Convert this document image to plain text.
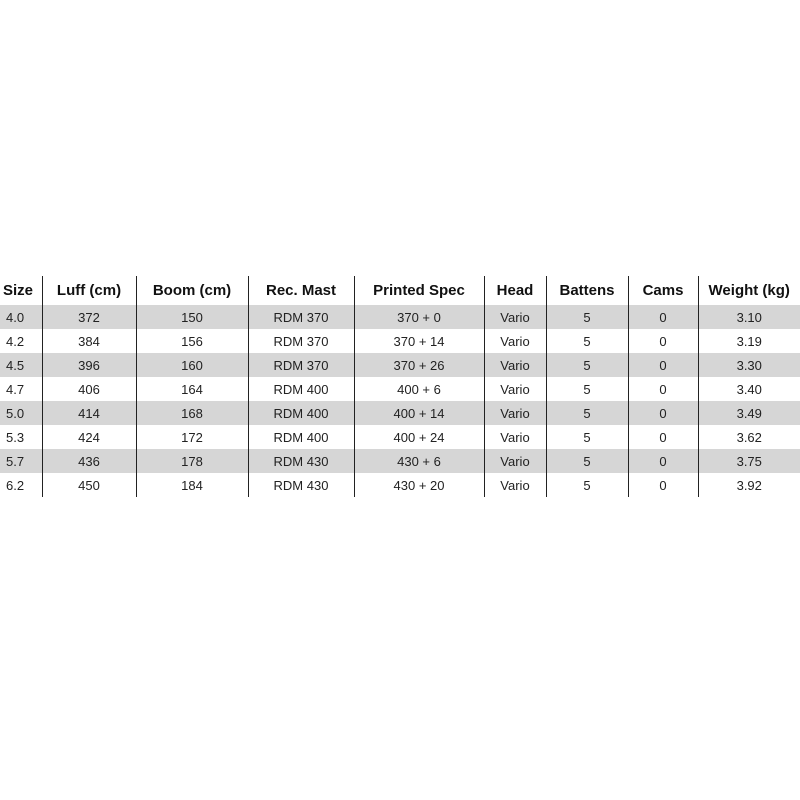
Size	Luff (cm)	Boom (cm)	Rec. Mast	Printed Spec	Head	Battens	Cams	Weight (kg)
4.0	372	150	RDM 370	370 + 0	Vario	5	0	3.10
4.2	384	156	RDM 370	370 + 14	Vario	5	0	3.19
4.5	396	160	RDM 370	370 + 26	Vario	5	0	3.30
4.7	406	164	RDM 400	400 + 6	Vario	5	0	3.40
5.0	414	168	RDM 400	400 + 14	Vario	5	0	3.49
5.3	424	172	RDM 400	400 + 24	Vario	5	0	3.62
5.7	436	178	RDM 430	430 + 6	Vario	5	0	3.75
6.2	450	184	RDM 430	430 + 20	Vario	5	0	3.92
